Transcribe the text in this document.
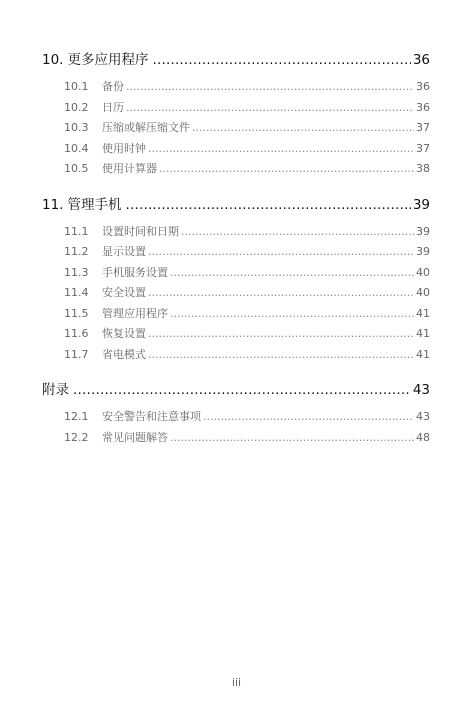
10. 更多应用程序 .....	36
10.1	备份 .....	36
10.2	日历 .....	36
10.3	压缩或解压缩文件 .....	37
10.4	使用时钟 .....	37
10.5	使用计算器 .....	38
11. 管理手机 .....	39
11.1	设置时间和日期 .....	39
11.2	显示设置 .....	39
11.3	手机服务设置 .....	40
11.4	安全设置 .....	40
11.5	管理应用程序 .....	41
11.6	恢复设置 .....	41
11.7	省电模式 .....	41
附录 .....	43
12.1	安全警告和注意事项 .....	43
12.2	常见问题解答 .....	48
iii
